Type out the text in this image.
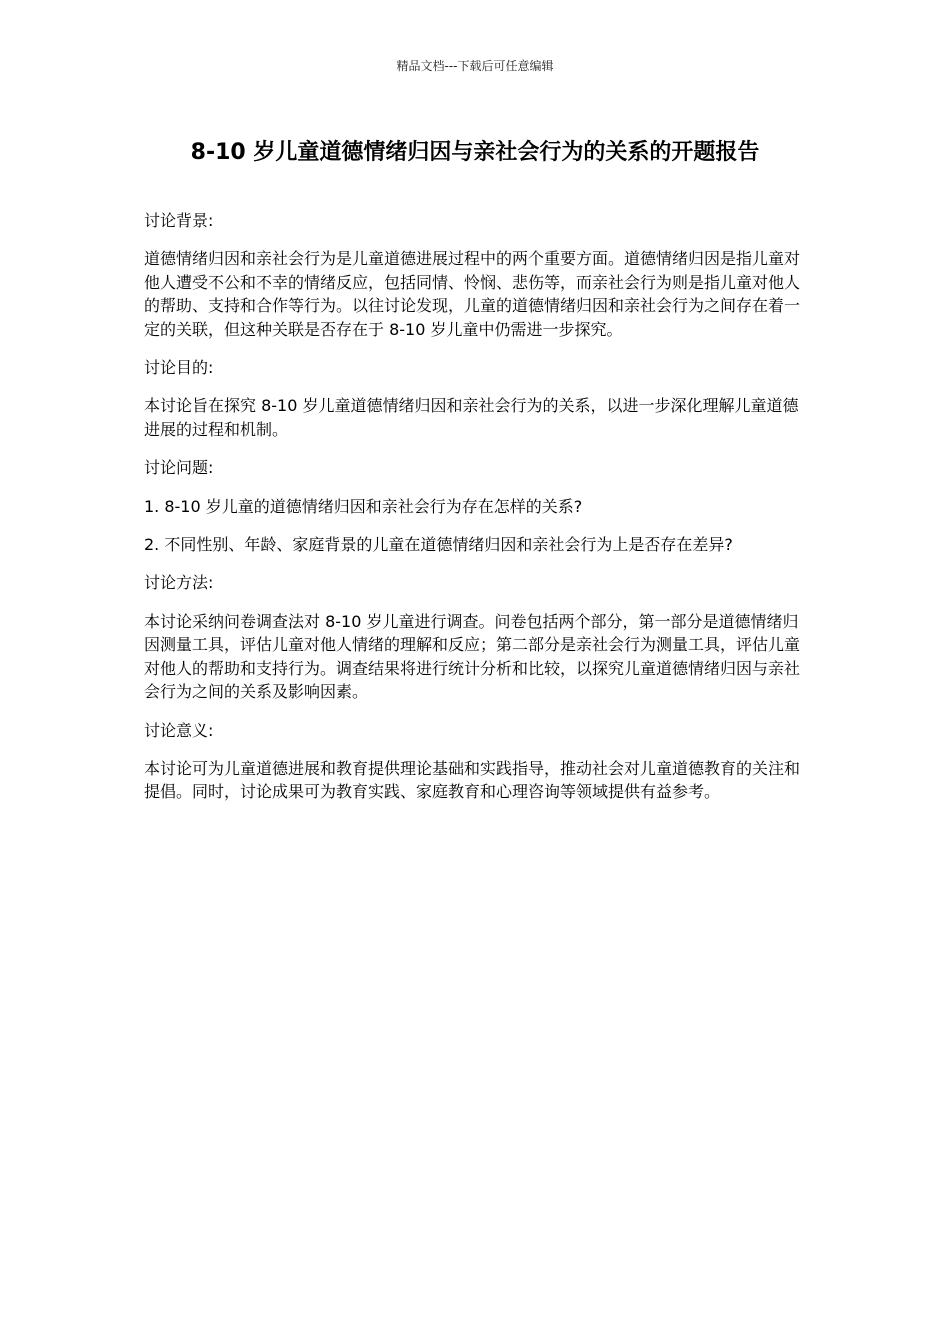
精品文档---下载后可任意编辑
8-10 岁儿童道德情绪归因与亲社会行为的关系的开题报告

讨论背景:

道德情绪归因和亲社会行为是儿童道德进展过程中的两个重要方面。道德情绪归因是指儿童对他人遭受不公和不幸的情绪反应，包括同情、怜悯、悲伤等，而亲社会行为则是指儿童对他人的帮助、支持和合作等行为。以往讨论发现，儿童的道德情绪归因和亲社会行为之间存在着一定的关联，但这种关联是否存在于 8-10 岁儿童中仍需进一步探究。

讨论目的:

本讨论旨在探究 8-10 岁儿童道德情绪归因和亲社会行为的关系，以进一步深化理解儿童道德进展的过程和机制。

讨论问题:

1. 8-10 岁儿童的道德情绪归因和亲社会行为存在怎样的关系?

2. 不同性别、年龄、家庭背景的儿童在道德情绪归因和亲社会行为上是否存在差异?

讨论方法:

本讨论采纳问卷调查法对 8-10 岁儿童进行调查。问卷包括两个部分，第一部分是道德情绪归因测量工具，评估儿童对他人情绪的理解和反应；第二部分是亲社会行为测量工具，评估儿童对他人的帮助和支持行为。调查结果将进行统计分析和比较，以探究儿童道德情绪归因与亲社会行为之间的关系及影响因素。

讨论意义:

本讨论可为儿童道德进展和教育提供理论基础和实践指导，推动社会对儿童道德教育的关注和提倡。同时，讨论成果可为教育实践、家庭教育和心理咨询等领域提供有益参考。
